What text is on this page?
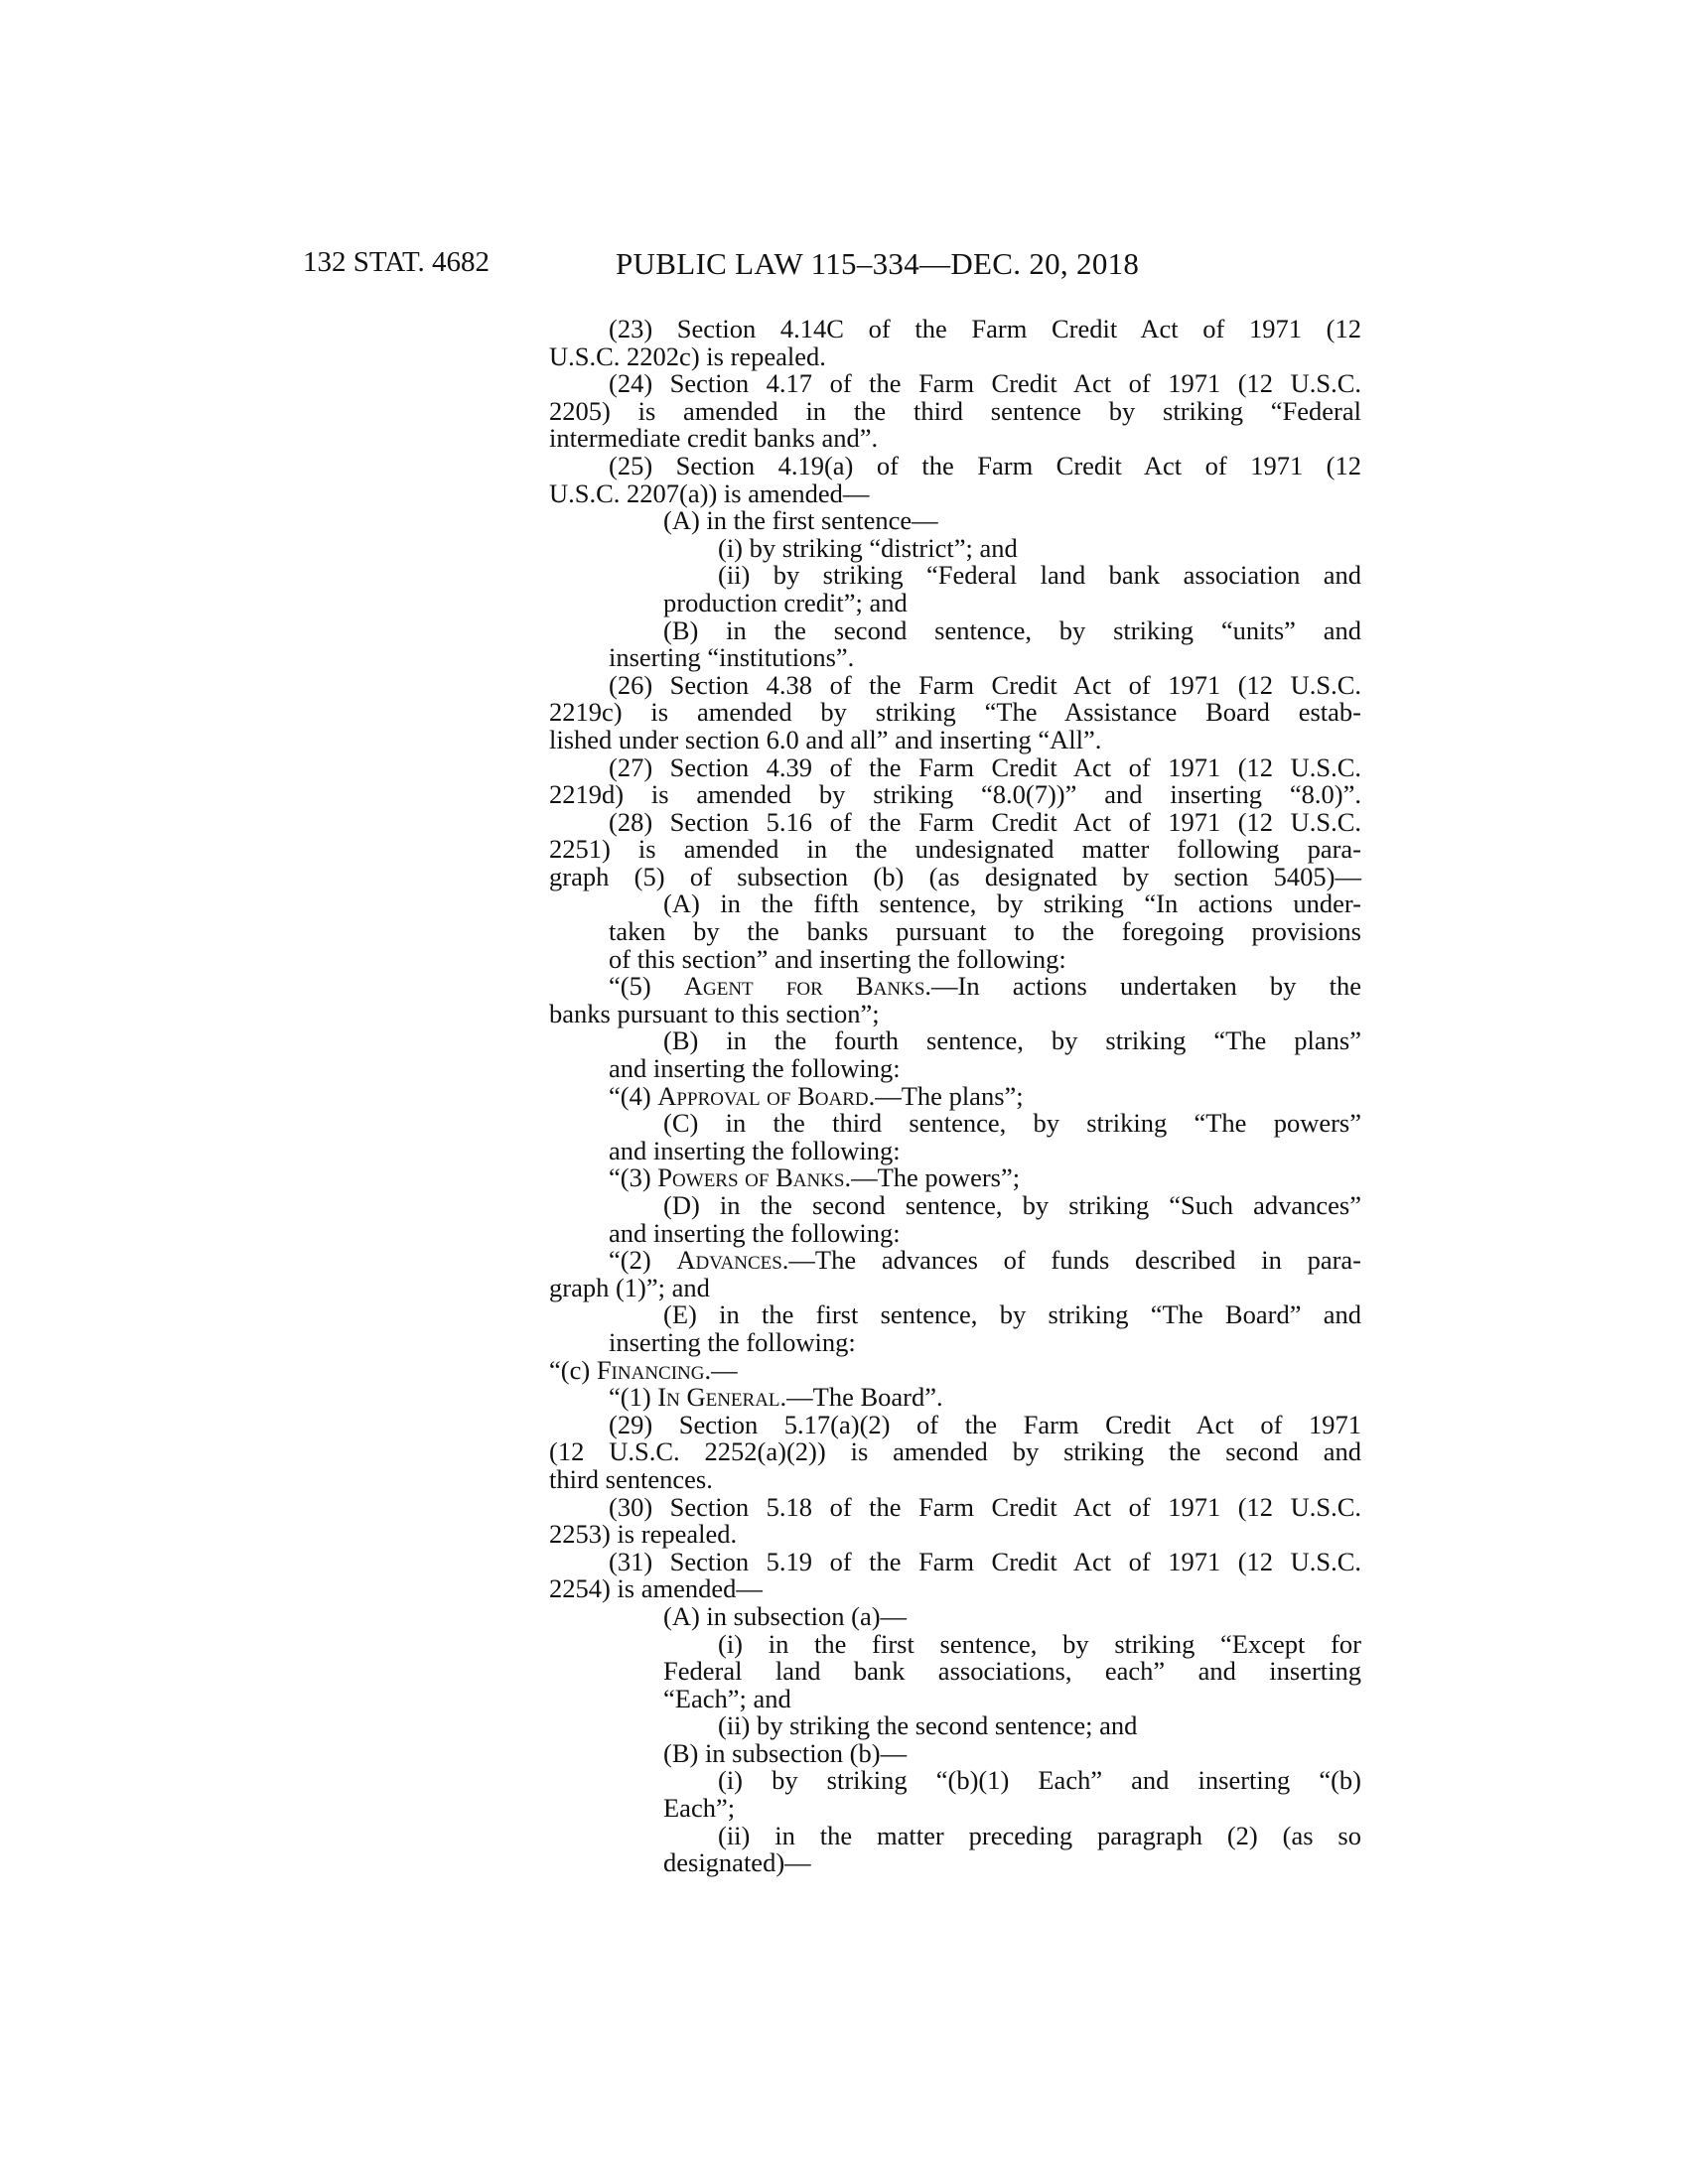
132 STAT. 4682	PUBLIC LAW 115–334—DEC. 20, 2018
(23) Section 4.14C of the Farm Credit Act of 1971 (12
U.S.C. 2202c) is repealed.
(24) Section 4.17 of the Farm Credit Act of 1971 (12 U.S.C.
2205) is amended in the third sentence by striking “Federal
intermediate credit banks and”.
(25) Section 4.19(a) of the Farm Credit Act of 1971 (12
U.S.C. 2207(a)) is amended—
(A) in the first sentence—
(i) by striking “district”; and
(ii) by striking “Federal land bank association and
production credit”; and
(B) in the second sentence, by striking “units” and
inserting “institutions”.
(26) Section 4.38 of the Farm Credit Act of 1971 (12 U.S.C.
2219c) is amended by striking “The Assistance Board estab-
lished under section 6.0 and all” and inserting “All”.
(27) Section 4.39 of the Farm Credit Act of 1971 (12 U.S.C.
2219d) is amended by striking “8.0(7))” and inserting “8.0)”.
(28) Section 5.16 of the Farm Credit Act of 1971 (12 U.S.C.
2251) is amended in the undesignated matter following para-
graph (5) of subsection (b) (as designated by section 5405)—
(A) in the fifth sentence, by striking “In actions under-
taken by the banks pursuant to the foregoing provisions
of this section” and inserting the following:
“(5) Agent for Banks.—In actions undertaken by the
banks pursuant to this section”;
(B) in the fourth sentence, by striking “The plans”
and inserting the following:
“(4) Approval of Board.—The plans”;
(C) in the third sentence, by striking “The powers”
and inserting the following:
“(3) Powers of Banks.—The powers”;
(D) in the second sentence, by striking “Such advances”
and inserting the following:
“(2) Advances.—The advances of funds described in para-
graph (1)”; and
(E) in the first sentence, by striking “The Board” and
inserting the following:
“(c) Financing.—
“(1) In General.—The Board”.
(29) Section 5.17(a)(2) of the Farm Credit Act of 1971
(12 U.S.C. 2252(a)(2)) is amended by striking the second and
third sentences.
(30) Section 5.18 of the Farm Credit Act of 1971 (12 U.S.C.
2253) is repealed.
(31) Section 5.19 of the Farm Credit Act of 1971 (12 U.S.C.
2254) is amended—
(A) in subsection (a)—
(i) in the first sentence, by striking “Except for
Federal land bank associations, each” and inserting
“Each”; and
(ii) by striking the second sentence; and
(B) in subsection (b)—
(i) by striking “(b)(1) Each” and inserting “(b)
Each”;
(ii) in the matter preceding paragraph (2) (as so
designated)—
